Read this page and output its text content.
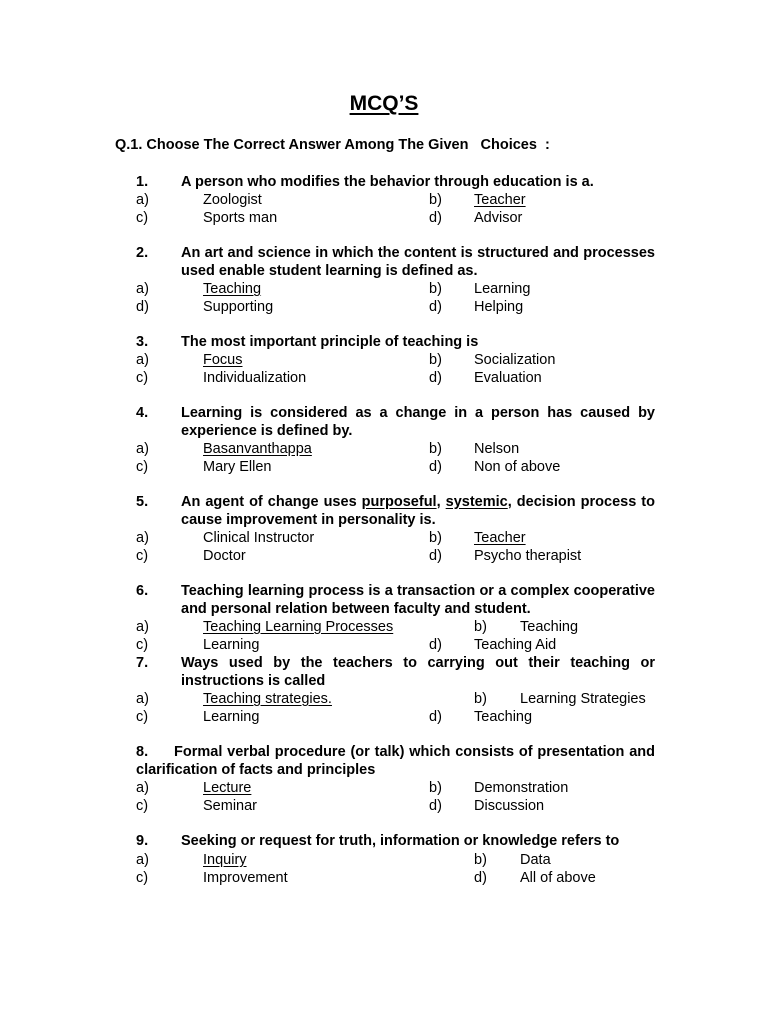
MCQ’S
Q.1. Choose The Correct Answer Among The Given   Choices  :
1. A person who modifies the behavior through education is a.
a)	Zoologist	b) Teacher
c)	Sports man	d) Advisor
2. An art and science in which the content is structured and processes used enable student learning is defined as.
a)	Teaching	b) Learning
d)	Supporting	d) Helping
3. The most important principle of teaching is
a)	Focus	b) Socialization
c)	Individualization	d) Evaluation
4. Learning is considered as a change in a person has caused by experience is defined by.
a)	Basanvanthappa	b) Nelson
c)	Mary Ellen	d) Non of above
5. An agent of change uses purposeful, systemic, decision process to cause improvement in personality is.
a)	Clinical Instructor	b) Teacher
c)	Doctor	d) Psycho therapist
6. Teaching learning process is a transaction or a complex cooperative and personal relation between faculty and student.
a)	Teaching Learning Processes	b) Teaching
c)	Learning	d) Teaching Aid
7. Ways used by the teachers to carrying out their teaching or instructions is called
a)	Teaching strategies.	b) Learning Strategies
c)	Learning	d) Teaching
8.	Formal verbal procedure (or talk) which consists of presentation and clarification of facts and principles
a)	Lecture	b) Demonstration
c)	Seminar	d) Discussion
9. Seeking or request for truth, information or knowledge refers to
a)	Inquiry	b) Data
c)	Improvement	d) All of above
